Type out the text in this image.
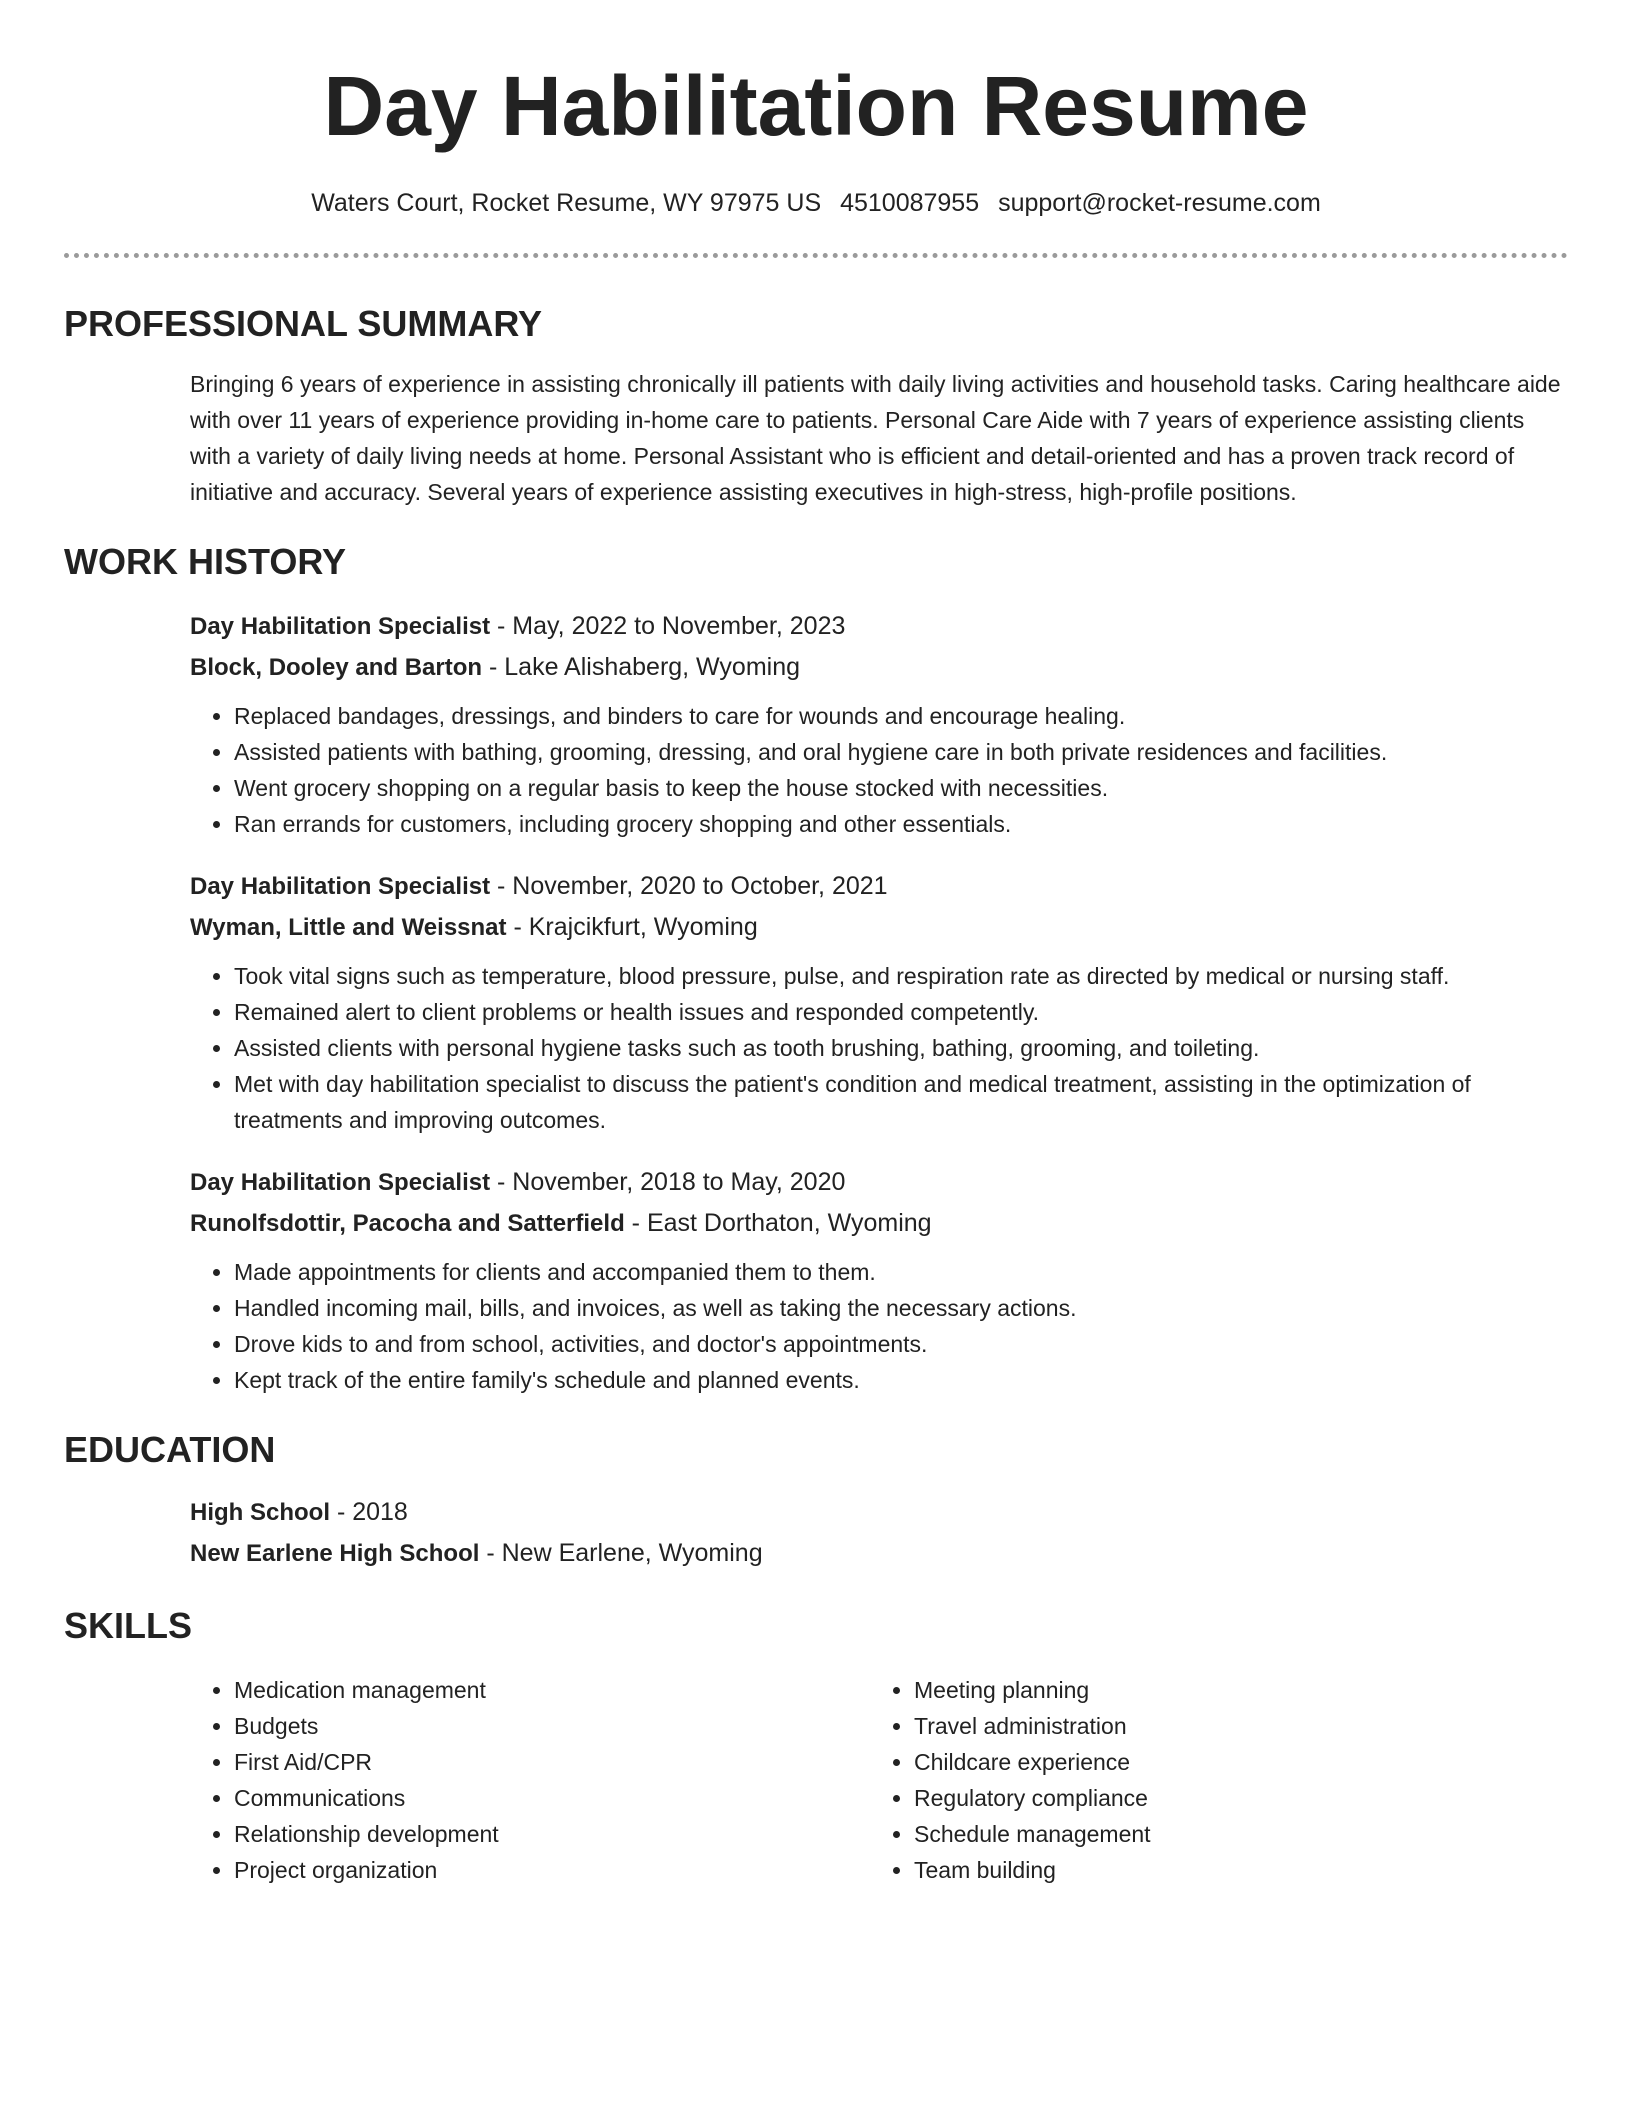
Day Habilitation Resume
Waters Court, Rocket Resume, WY 97975 US 4510087955 support@rocket-resume.com
PROFESSIONAL SUMMARY
Bringing 6 years of experience in assisting chronically ill patients with daily living activities and household tasks. Caring healthcare aide with over 11 years of experience providing in-home care to patients. Personal Care Aide with 7 years of experience assisting clients with a variety of daily living needs at home. Personal Assistant who is efficient and detail-oriented and has a proven track record of initiative and accuracy. Several years of experience assisting executives in high-stress, high-profile positions.
WORK HISTORY
Day Habilitation Specialist - May, 2022 to November, 2023
Block, Dooley and Barton - Lake Alishaberg, Wyoming
• Replaced bandages, dressings, and binders to care for wounds and encourage healing.
• Assisted patients with bathing, grooming, dressing, and oral hygiene care in both private residences and facilities.
• Went grocery shopping on a regular basis to keep the house stocked with necessities.
• Ran errands for customers, including grocery shopping and other essentials.
Day Habilitation Specialist - November, 2020 to October, 2021
Wyman, Little and Weissnat - Krajcikfurt, Wyoming
• Took vital signs such as temperature, blood pressure, pulse, and respiration rate as directed by medical or nursing staff.
• Remained alert to client problems or health issues and responded competently.
• Assisted clients with personal hygiene tasks such as tooth brushing, bathing, grooming, and toileting.
• Met with day habilitation specialist to discuss the patient's condition and medical treatment, assisting in the optimization of treatments and improving outcomes.
Day Habilitation Specialist - November, 2018 to May, 2020
Runolfsdottir, Pacocha and Satterfield - East Dorthaton, Wyoming
• Made appointments for clients and accompanied them to them.
• Handled incoming mail, bills, and invoices, as well as taking the necessary actions.
• Drove kids to and from school, activities, and doctor's appointments.
• Kept track of the entire family's schedule and planned events.
EDUCATION
High School - 2018
New Earlene High School - New Earlene, Wyoming
SKILLS
• Medication management
• Budgets
• First Aid/CPR
• Communications
• Relationship development
• Project organization
• Meeting planning
• Travel administration
• Childcare experience
• Regulatory compliance
• Schedule management
• Team building
